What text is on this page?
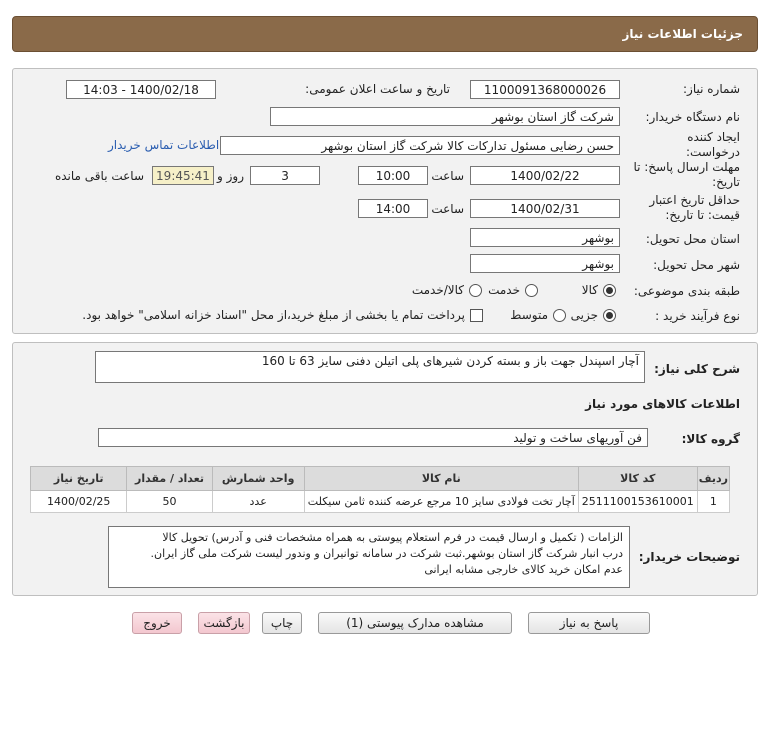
جزئیات اطلاعات نیاز
شماره نیاز:
1100091368000026
تاریخ و ساعت اعلان عمومی:
1400/02/18 - 14:03
نام دستگاه خریدار:
شرکت گاز استان بوشهر
ایجاد کننده درخواست:
حسن رضایی مسئول تدارکات کالا شرکت گاز استان بوشهر
اطلاعات تماس خریدار
مهلت ارسال پاسخ: تا تاریخ:
1400/02/22
ساعت
10:00
3
روز و
19:45:41
ساعت باقی مانده
حداقل تاریخ اعتبار قیمت: تا تاریخ:
1400/02/31
ساعت
14:00
استان محل تحویل:
بوشهر
شهر محل تحویل:
بوشهر
طبقه بندی موضوعی:
کالا
خدمت
کالا/خدمت
نوع فرآیند خرید :
جزیی
متوسط
پرداخت تمام یا بخشی از مبلغ خرید،از محل "اسناد خزانه اسلامی" خواهد بود.
شرح کلی نیاز:
آچار اسپندل جهت باز و بسته کردن شیرهای پلی اتیلن دفنی سایز 63 تا 160
اطلاعات کالاهای مورد نیاز
گروه کالا:
فن آوریهای ساخت و تولید
ردیف	کد کالا	نام کالا	واحد شمارش	تعداد / مقدار	تاریخ نیاز
1	2511100153610001	آچار تخت فولادی سایز 10 مرجع عرضه کننده ثامن سیکلت	عدد	50	1400/02/25
توضیحات خریدار:
الزامات ( تکمیل و ارسال قیمت در فرم استعلام پیوستی به همراه مشخصات فنی و آدرس) تحویل کالا
درب انبار شرکت گاز استان بوشهر.ثبت شرکت در سامانه توانیران و وندور لیست شرکت ملی گاز ایران.
عدم امکان خرید کالای خارجی مشابه ایرانی
پاسخ به نیاز
مشاهده مدارک پیوستی (1)
چاپ
بازگشت
خروج
